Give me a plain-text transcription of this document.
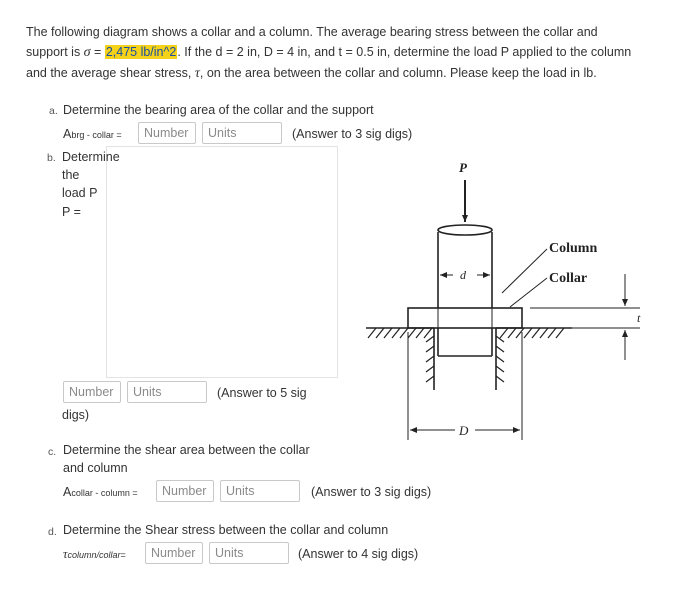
The following diagram shows a collar and a column. The average bearing stress between the collar and
support is σ = 2,475 lb/in^2. If the d = 2 in, D = 4 in, and t = 0.5 in, determine the load P applied to the column
and the average shear stress, τ, on the area between the collar and column. Please keep the load in lb.
a. Determine the bearing area of the collar and the support
Abrg - collar =	Number	Units	(Answer to 3 sig digs)
b. Determine
the
load P
P =
Number	Units	(Answer to 5 sig
digs)
c. Determine the shear area between the collar
and column
Acollar - column =	Number	Units	(Answer to 3 sig digs)
d. Determine the Shear stress between the collar and column
τcolumn/collar=	Number	Units	(Answer to 4 sig digs)
P
d
Column
Collar
t
D
